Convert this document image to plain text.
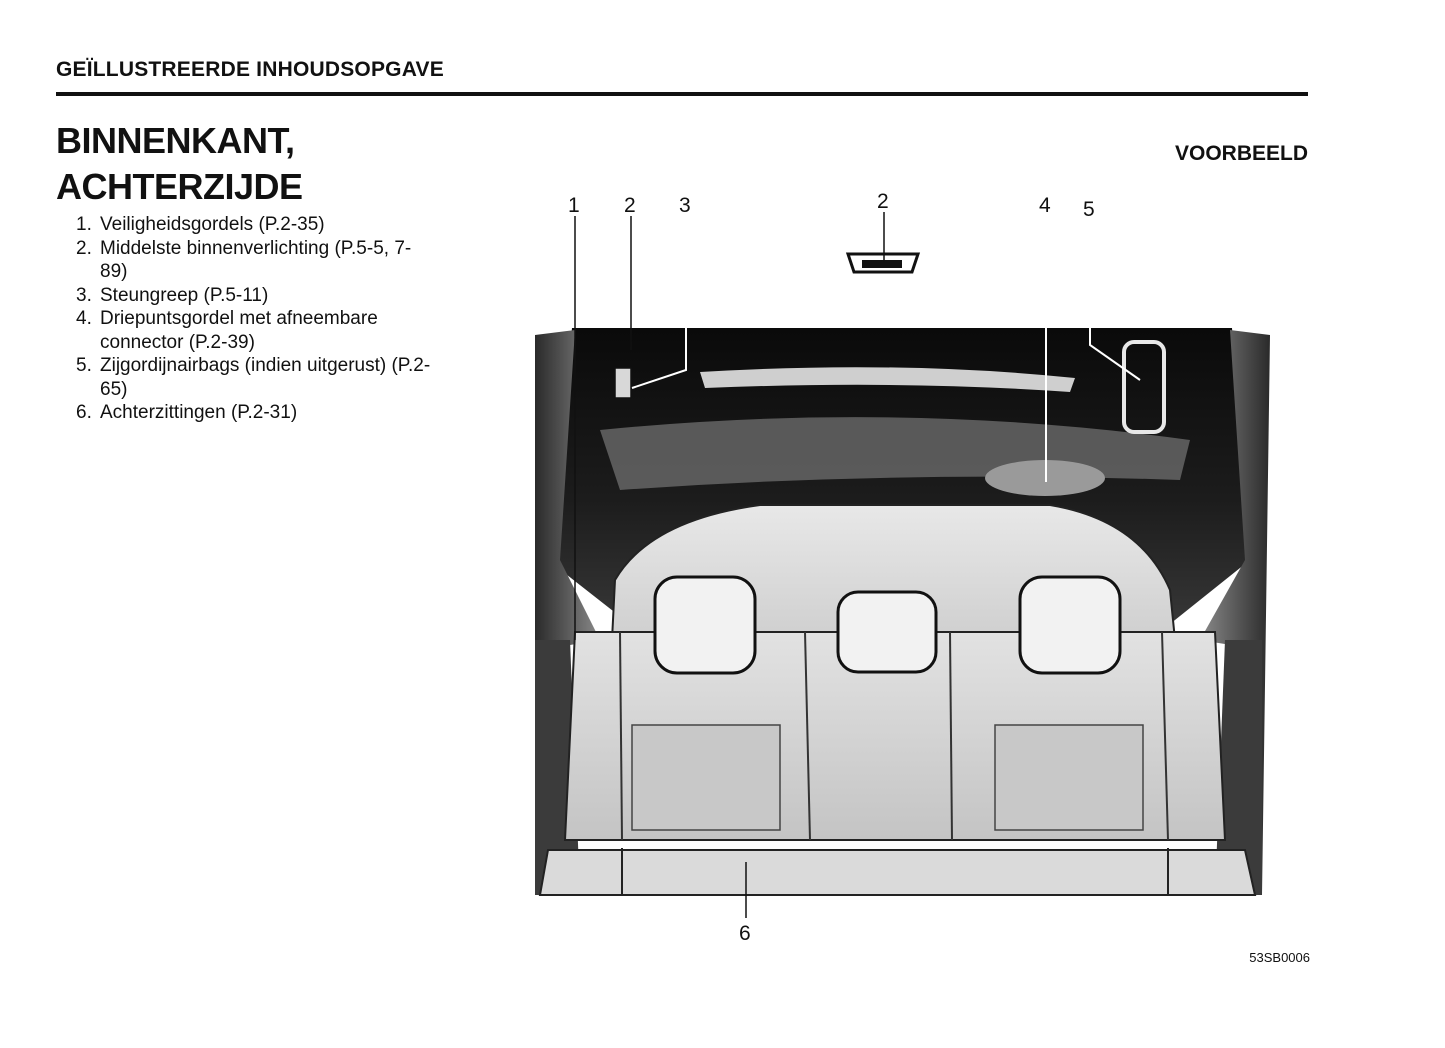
GEÏLLUSTREERDE INHOUDSOPGAVE
BINNENKANT,
ACHTERZIJDE
VOORBEELD
1. Veiligheidsgordels (P.2-35)
2. Middelste binnenverlichting (P.5-5, 7-89)
3. Steungreep (P.5-11)
4. Driepuntsgordel met afneembare connector (P.2-39)
5. Zijgordijnairbags (indien uitgerust) (P.2-65)
6. Achterzittingen (P.2-31)
1 2 3	2	4 5
6
53SB0006
